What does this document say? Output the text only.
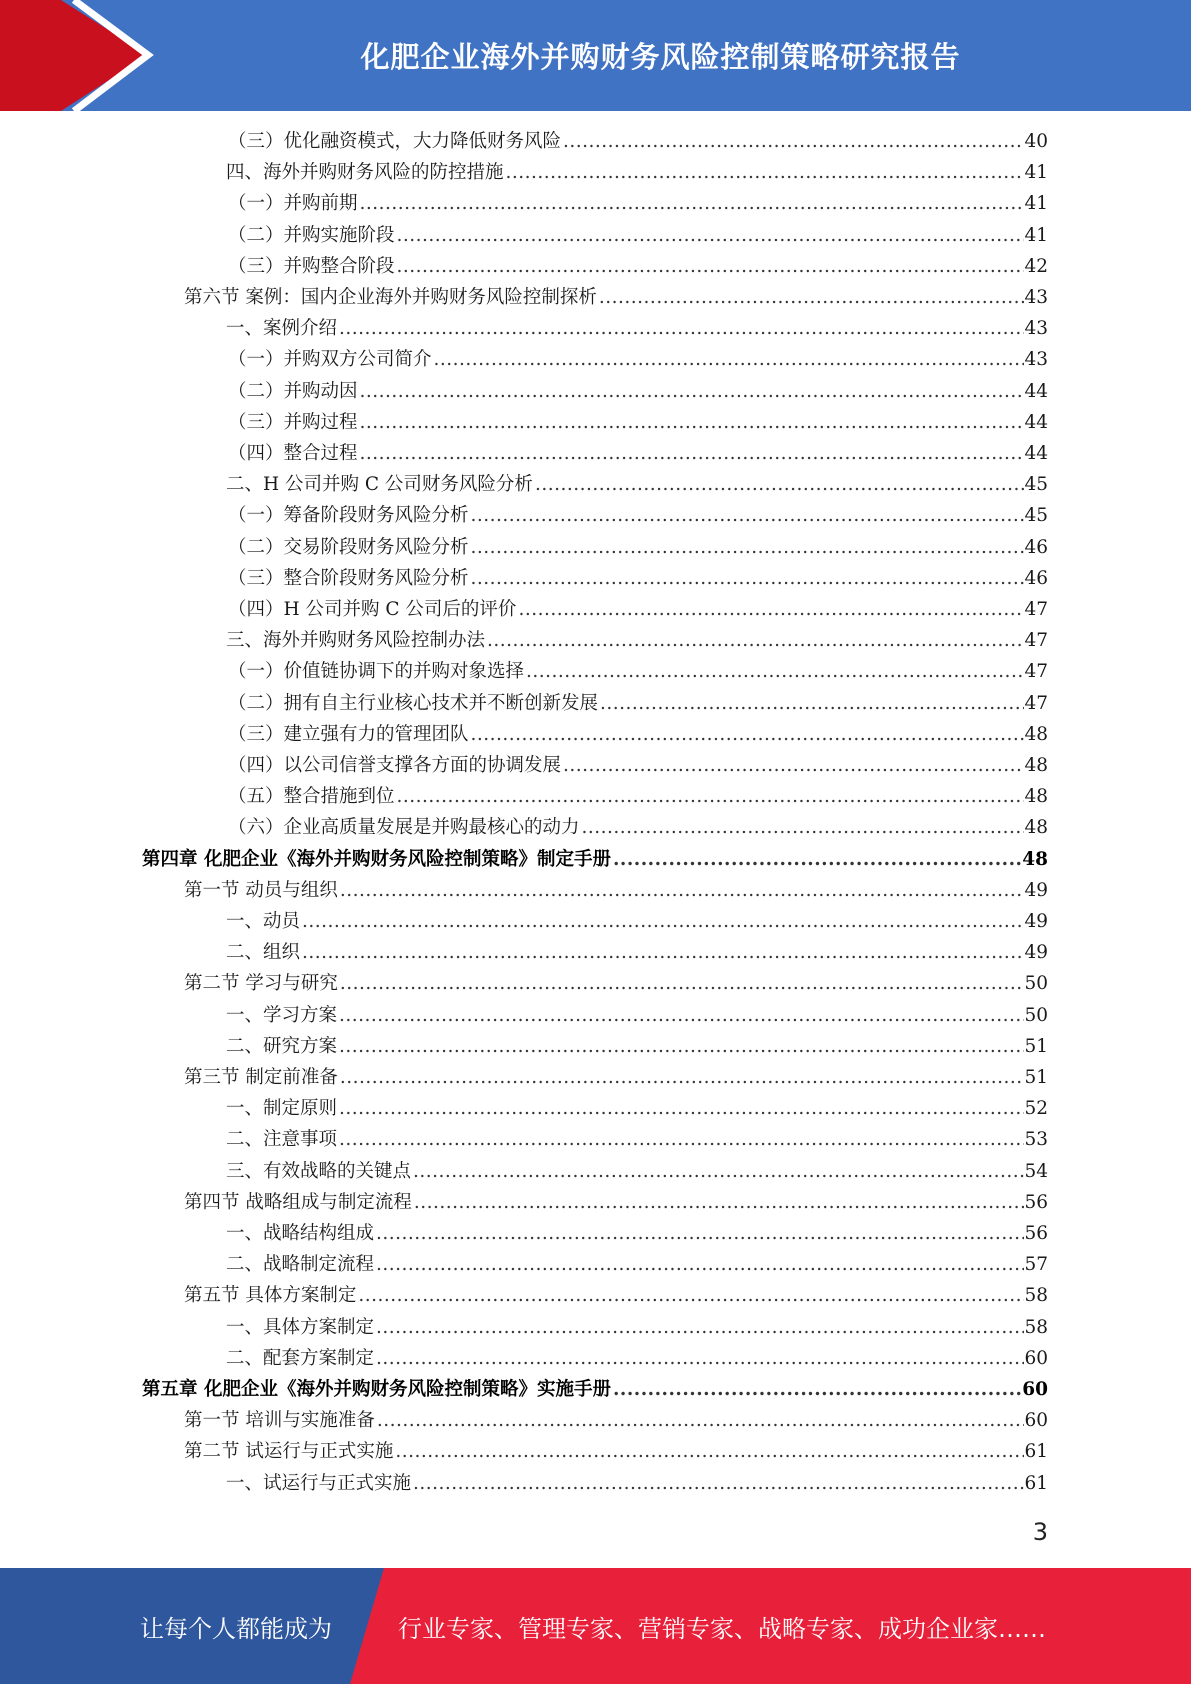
化肥企业海外并购财务风险控制策略研究报告
（三）优化融资模式，大力降低财务风险 .....	40
四、海外并购财务风险的防控措施 .....	41
（一）并购前期 .....	41
（二）并购实施阶段 .....	41
（三）并购整合阶段 .....	42
第六节 案例：国内企业海外并购财务风险控制探析 .....	43
一、案例介绍 .....	43
（一）并购双方公司简介 .....	43
（二）并购动因 .....	44
（三）并购过程 .....	44
（四）整合过程 .....	44
二、H 公司并购 C 公司财务风险分析 .....	45
（一）筹备阶段财务风险分析 .....	45
（二）交易阶段财务风险分析 .....	46
（三）整合阶段财务风险分析 .....	46
（四）H 公司并购 C 公司后的评价 .....	47
三、海外并购财务风险控制办法 .....	47
（一）价值链协调下的并购对象选择 .....	47
（二）拥有自主行业核心技术并不断创新发展 .....	47
（三）建立强有力的管理团队 .....	48
（四）以公司信誉支撑各方面的协调发展 .....	48
（五）整合措施到位 .....	48
（六）企业高质量发展是并购最核心的动力 .....	48
第四章 化肥企业《海外并购财务风险控制策略》制定手册 .....	48
第一节 动员与组织 .....	49
一、动员 .....	49
二、组织 .....	49
第二节 学习与研究 .....	50
一、学习方案 .....	50
二、研究方案 .....	51
第三节 制定前准备 .....	51
一、制定原则 .....	52
二、注意事项 .....	53
三、有效战略的关键点 .....	54
第四节 战略组成与制定流程 .....	56
一、战略结构组成 .....	56
二、战略制定流程 .....	57
第五节 具体方案制定 .....	58
一、具体方案制定 .....	58
二、配套方案制定 .....	60
第五章 化肥企业《海外并购财务风险控制策略》实施手册 .....	60
第一节 培训与实施准备 .....	60
第二节 试运行与正式实施 .....	61
一、试运行与正式实施 .....	61
3
让每个人都能成为	行业专家、管理专家、营销专家、战略专家、成功企业家……
